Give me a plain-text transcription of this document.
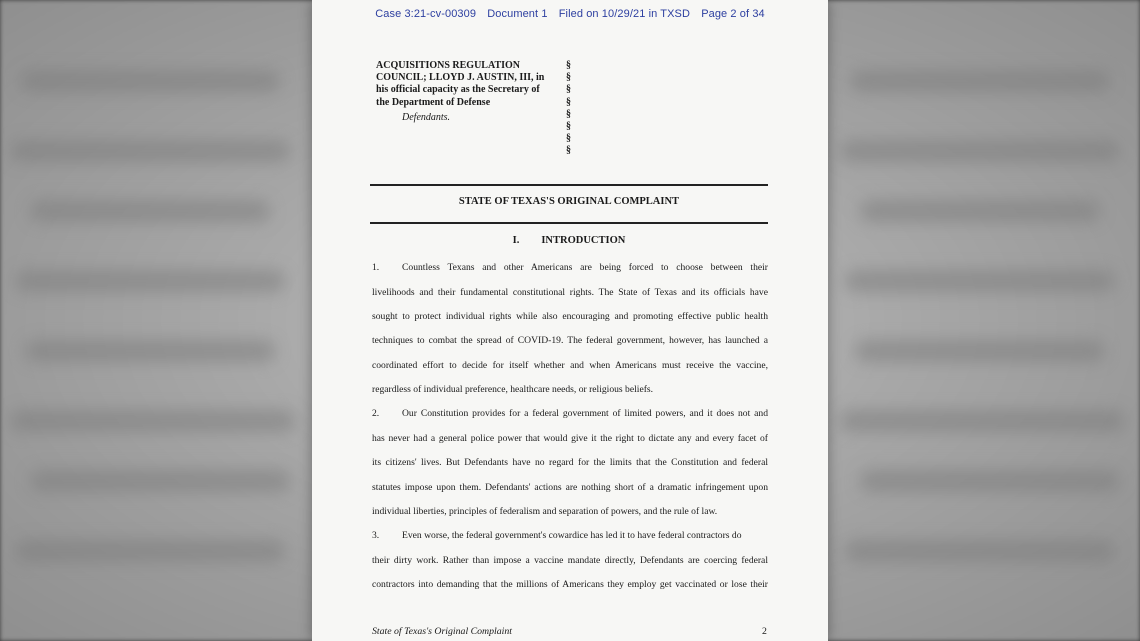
Case 3:21-cv-00309 Document 1 Filed on 10/29/21 in TXSD Page 2 of 34
ACQUISITIONS REGULATION
COUNCIL; LLOYD J. AUSTIN, III, in
his official capacity as the Secretary of
the Department of Defense
Defendants.
§
§
§
§
§
§
§
§
STATE OF TEXAS'S ORIGINAL COMPLAINT
I. INTRODUCTION
1. Countless Texans and other Americans are being forced to choose between their
livelihoods and their fundamental constitutional rights. The State of Texas and its officials have
sought to protect individual rights while also encouraging and promoting effective public health
techniques to combat the spread of COVID-19. The federal government, however, has launched a
coordinated effort to decide for itself whether and when Americans must receive the vaccine,
regardless of individual preference, healthcare needs, or religious beliefs.
2. Our Constitution provides for a federal government of limited powers, and it does not and
has never had a general police power that would give it the right to dictate any and every facet of
its citizens' lives. But Defendants have no regard for the limits that the Constitution and federal
statutes impose upon them. Defendants' actions are nothing short of a dramatic infringement upon
individual liberties, principles of federalism and separation of powers, and the rule of law.
3. Even worse, the federal government's cowardice has led it to have federal contractors do
their dirty work. Rather than impose a vaccine mandate directly, Defendants are coercing federal
contractors into demanding that the millions of Americans they employ get vaccinated or lose their
State of Texas's Original Complaint	2
